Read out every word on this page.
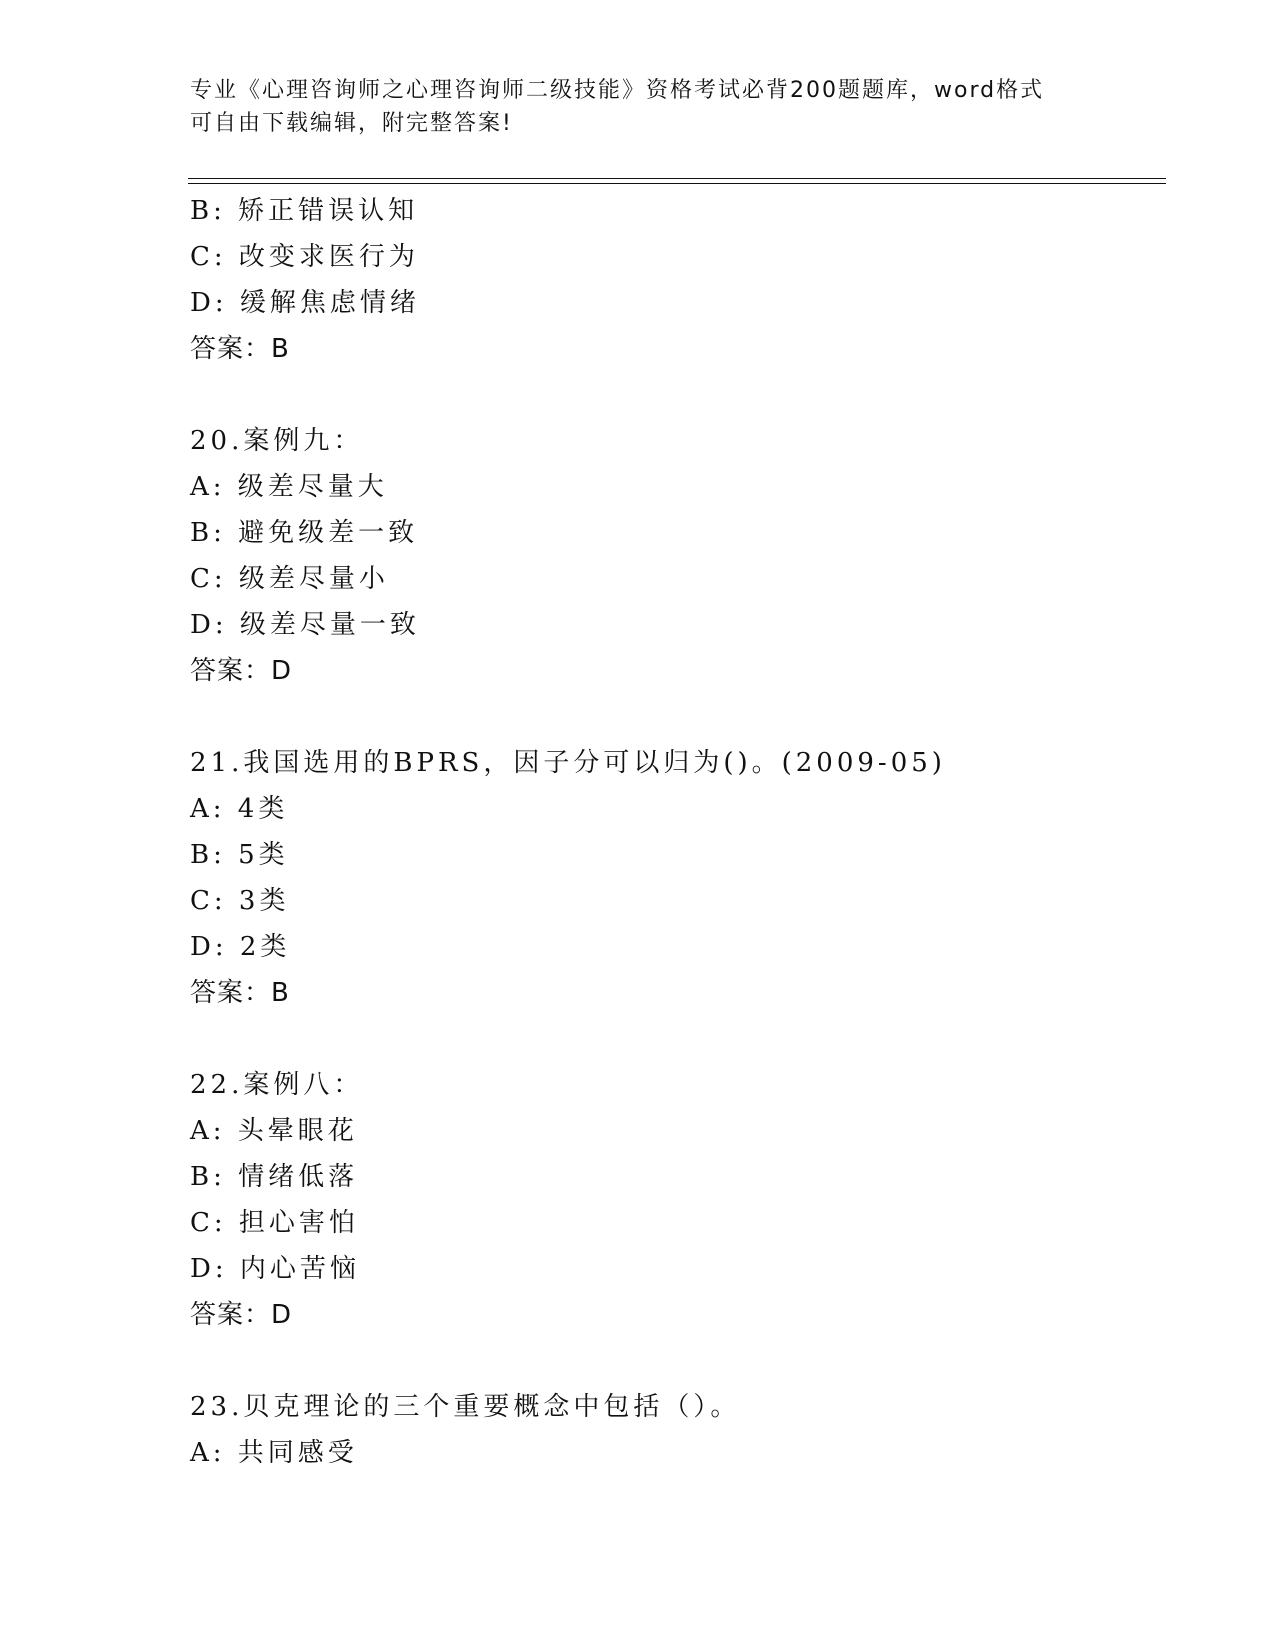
专业《心理咨询师之心理咨询师二级技能》资格考试必背200题题库，word格式
可自由下载编辑，附完整答案!
B: 矫正错误认知
C: 改变求医行为
D: 缓解焦虑情绪
答案：B
20.案例九：
A: 级差尽量大
B: 避免级差一致
C: 级差尽量小
D: 级差尽量一致
答案：D
21.我国选用的BPRS，因子分可以归为()。(2009-05)
A: 4类
B: 5类
C: 3类
D: 2类
答案：B
22.案例八：
A: 头晕眼花
B: 情绪低落
C: 担心害怕
D: 内心苦恼
答案：D
23.贝克理论的三个重要概念中包括（）。
A: 共同感受
